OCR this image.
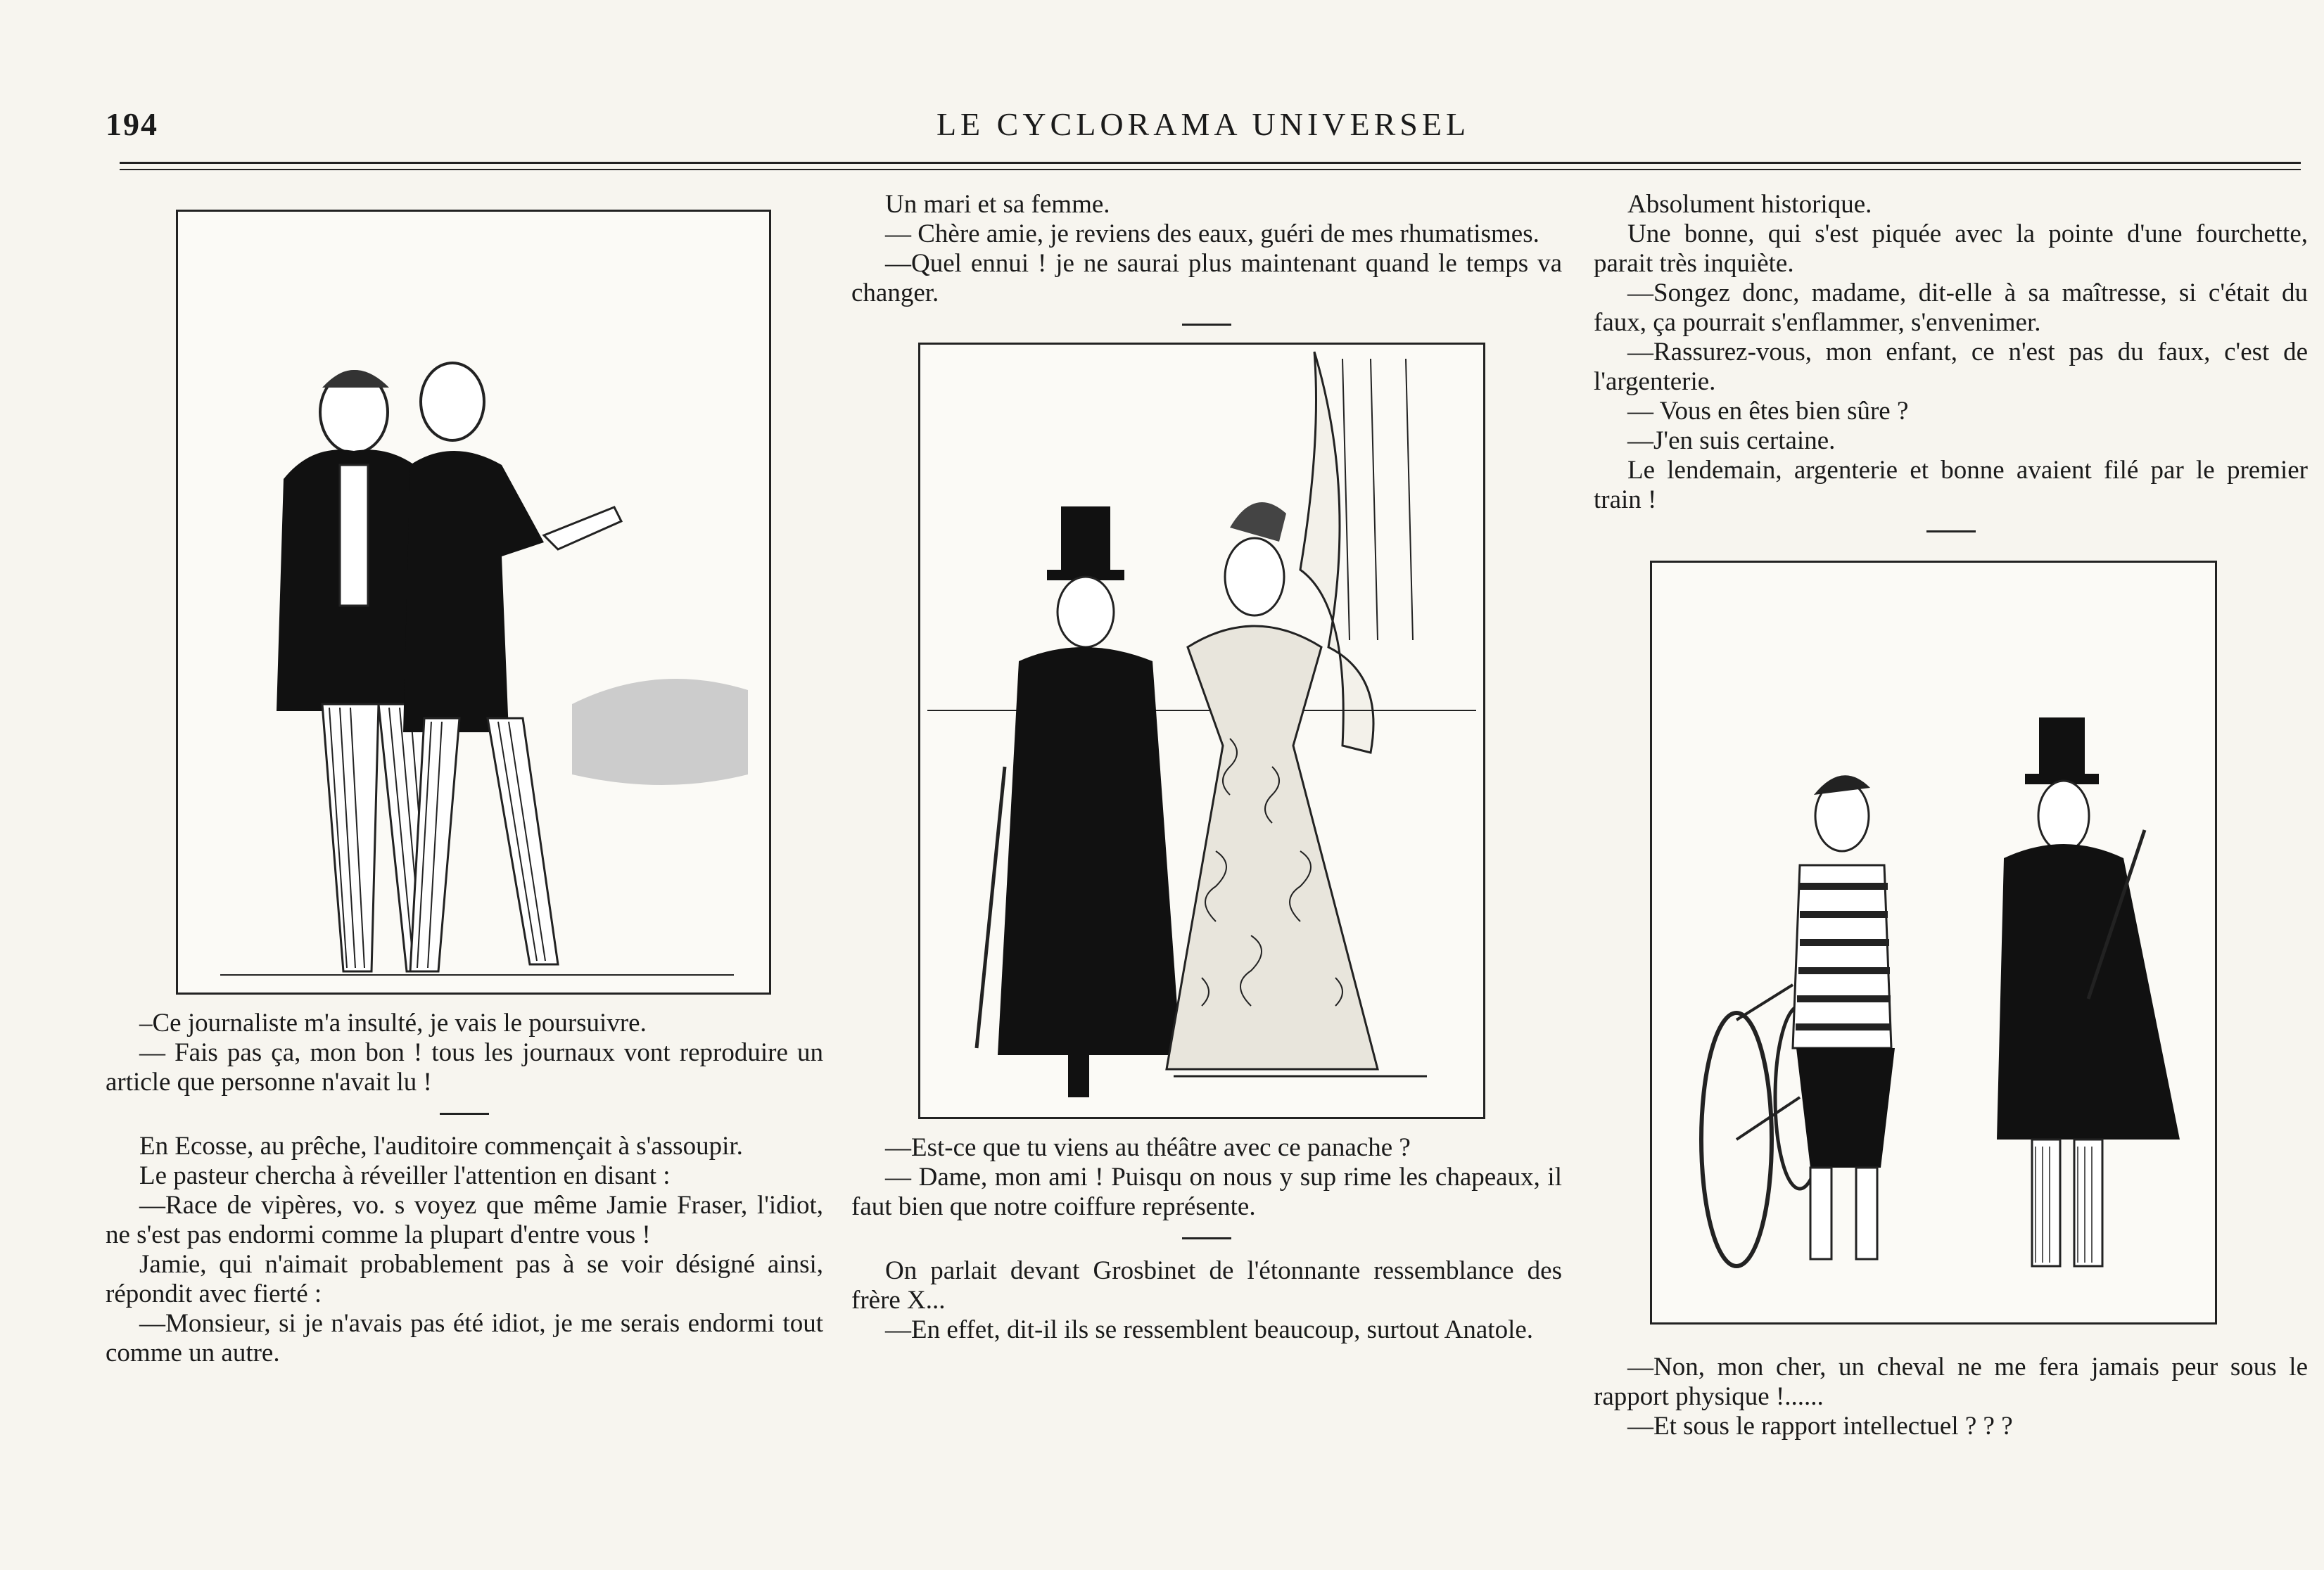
194	LE CYCLORAMA UNIVERSEL

–Ce journaliste m'a insulté, je vais le poursuivre.

— Fais pas ça, mon bon ! tous les journaux vont reproduire un article que personne n'avait lu !

En Ecosse, au prêche, l'auditoire commençait à s'assoupir.

Le pasteur chercha à réveiller l'attention en disant :

—Race de vipères, vo. s voyez que même Jamie Fraser, l'idiot, ne s'est pas endormi comme la plupart d'entre vous !

Jamie, qui n'aimait probablement pas à se voir désigné ainsi, répondit avec fierté :

—Monsieur, si je n'avais pas été idiot, je me serais endormi tout comme un autre.

Un mari et sa femme.

— Chère amie, je reviens des eaux, guéri de mes rhumatismes.

—Quel ennui ! je ne saurai plus maintenant quand le temps va changer.

—Est-ce que tu viens au théâtre avec ce panache ?

— Dame, mon ami ! Puisqu on nous y sup rime les chapeaux, il faut bien que notre coiffure représente.

On parlait devant Grosbinet de l'étonnante ressemblance des frère X...

—En effet, dit-il ils se ressemblent beaucoup, surtout Anatole.

Absolument historique.

Une bonne, qui s'est piquée avec la pointe d'une fourchette, parait très inquiète.

—Songez donc, madame, dit-elle à sa maîtresse, si c'était du faux, ça pourrait s'enflammer, s'envenimer.

—Rassurez-vous, mon enfant, ce n'est pas du faux, c'est de l'argenterie.

— Vous en êtes bien sûre ?

—J'en suis certaine.

Le lendemain, argenterie et bonne avaient filé par le premier train !

—Non, mon cher, un cheval ne me fera jamais peur sous le rapport physique !......

—Et sous le rapport intellectuel ? ? ?
